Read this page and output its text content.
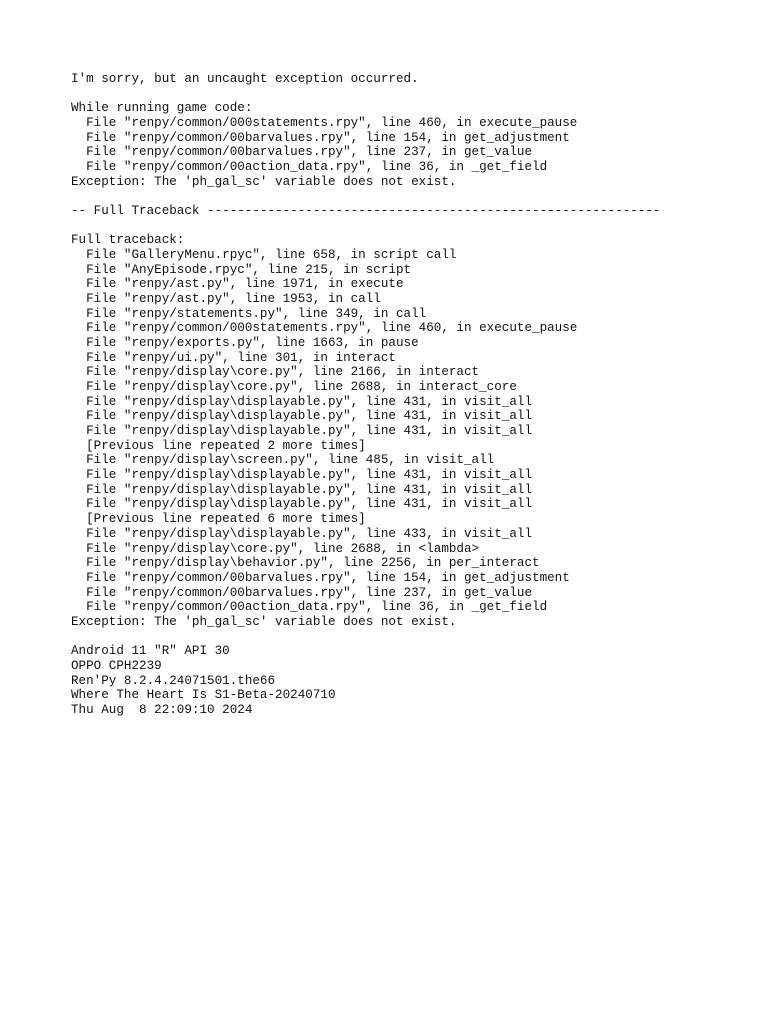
I'm sorry, but an uncaught exception occurred.
While running game code:
File "renpy/common/000statements.rpy", line 460, in execute_pause
File "renpy/common/00barvalues.rpy", line 154, in get_adjustment
File "renpy/common/00barvalues.rpy", line 237, in get_value
File "renpy/common/00action_data.rpy", line 36, in _get_field
Exception: The 'ph_gal_sc' variable does not exist.
-- Full Traceback ------------------------------------------------------------
Full traceback:
File "GalleryMenu.rpyc", line 658, in script call
File "AnyEpisode.rpyc", line 215, in script
File "renpy/ast.py", line 1971, in execute
File "renpy/ast.py", line 1953, in call
File "renpy/statements.py", line 349, in call
File "renpy/common/000statements.rpy", line 460, in execute_pause
File "renpy/exports.py", line 1663, in pause
File "renpy/ui.py", line 301, in interact
File "renpy/display\core.py", line 2166, in interact
File "renpy/display\core.py", line 2688, in interact_core
File "renpy/display\displayable.py", line 431, in visit_all
File "renpy/display\displayable.py", line 431, in visit_all
File "renpy/display\displayable.py", line 431, in visit_all
[Previous line repeated 2 more times]
File "renpy/display\screen.py", line 485, in visit_all
File "renpy/display\displayable.py", line 431, in visit_all
File "renpy/display\displayable.py", line 431, in visit_all
File "renpy/display\displayable.py", line 431, in visit_all
[Previous line repeated 6 more times]
File "renpy/display\displayable.py", line 433, in visit_all
File "renpy/display\core.py", line 2688, in <lambda>
File "renpy/display\behavior.py", line 2256, in per_interact
File "renpy/common/00barvalues.rpy", line 154, in get_adjustment
File "renpy/common/00barvalues.rpy", line 237, in get_value
File "renpy/common/00action_data.rpy", line 36, in _get_field
Exception: The 'ph_gal_sc' variable does not exist.
Android 11 "R" API 30
OPPO CPH2239
Ren'Py 8.2.4.24071501.the66
Where The Heart Is S1-Beta-20240710
Thu Aug  8 22:09:10 2024
